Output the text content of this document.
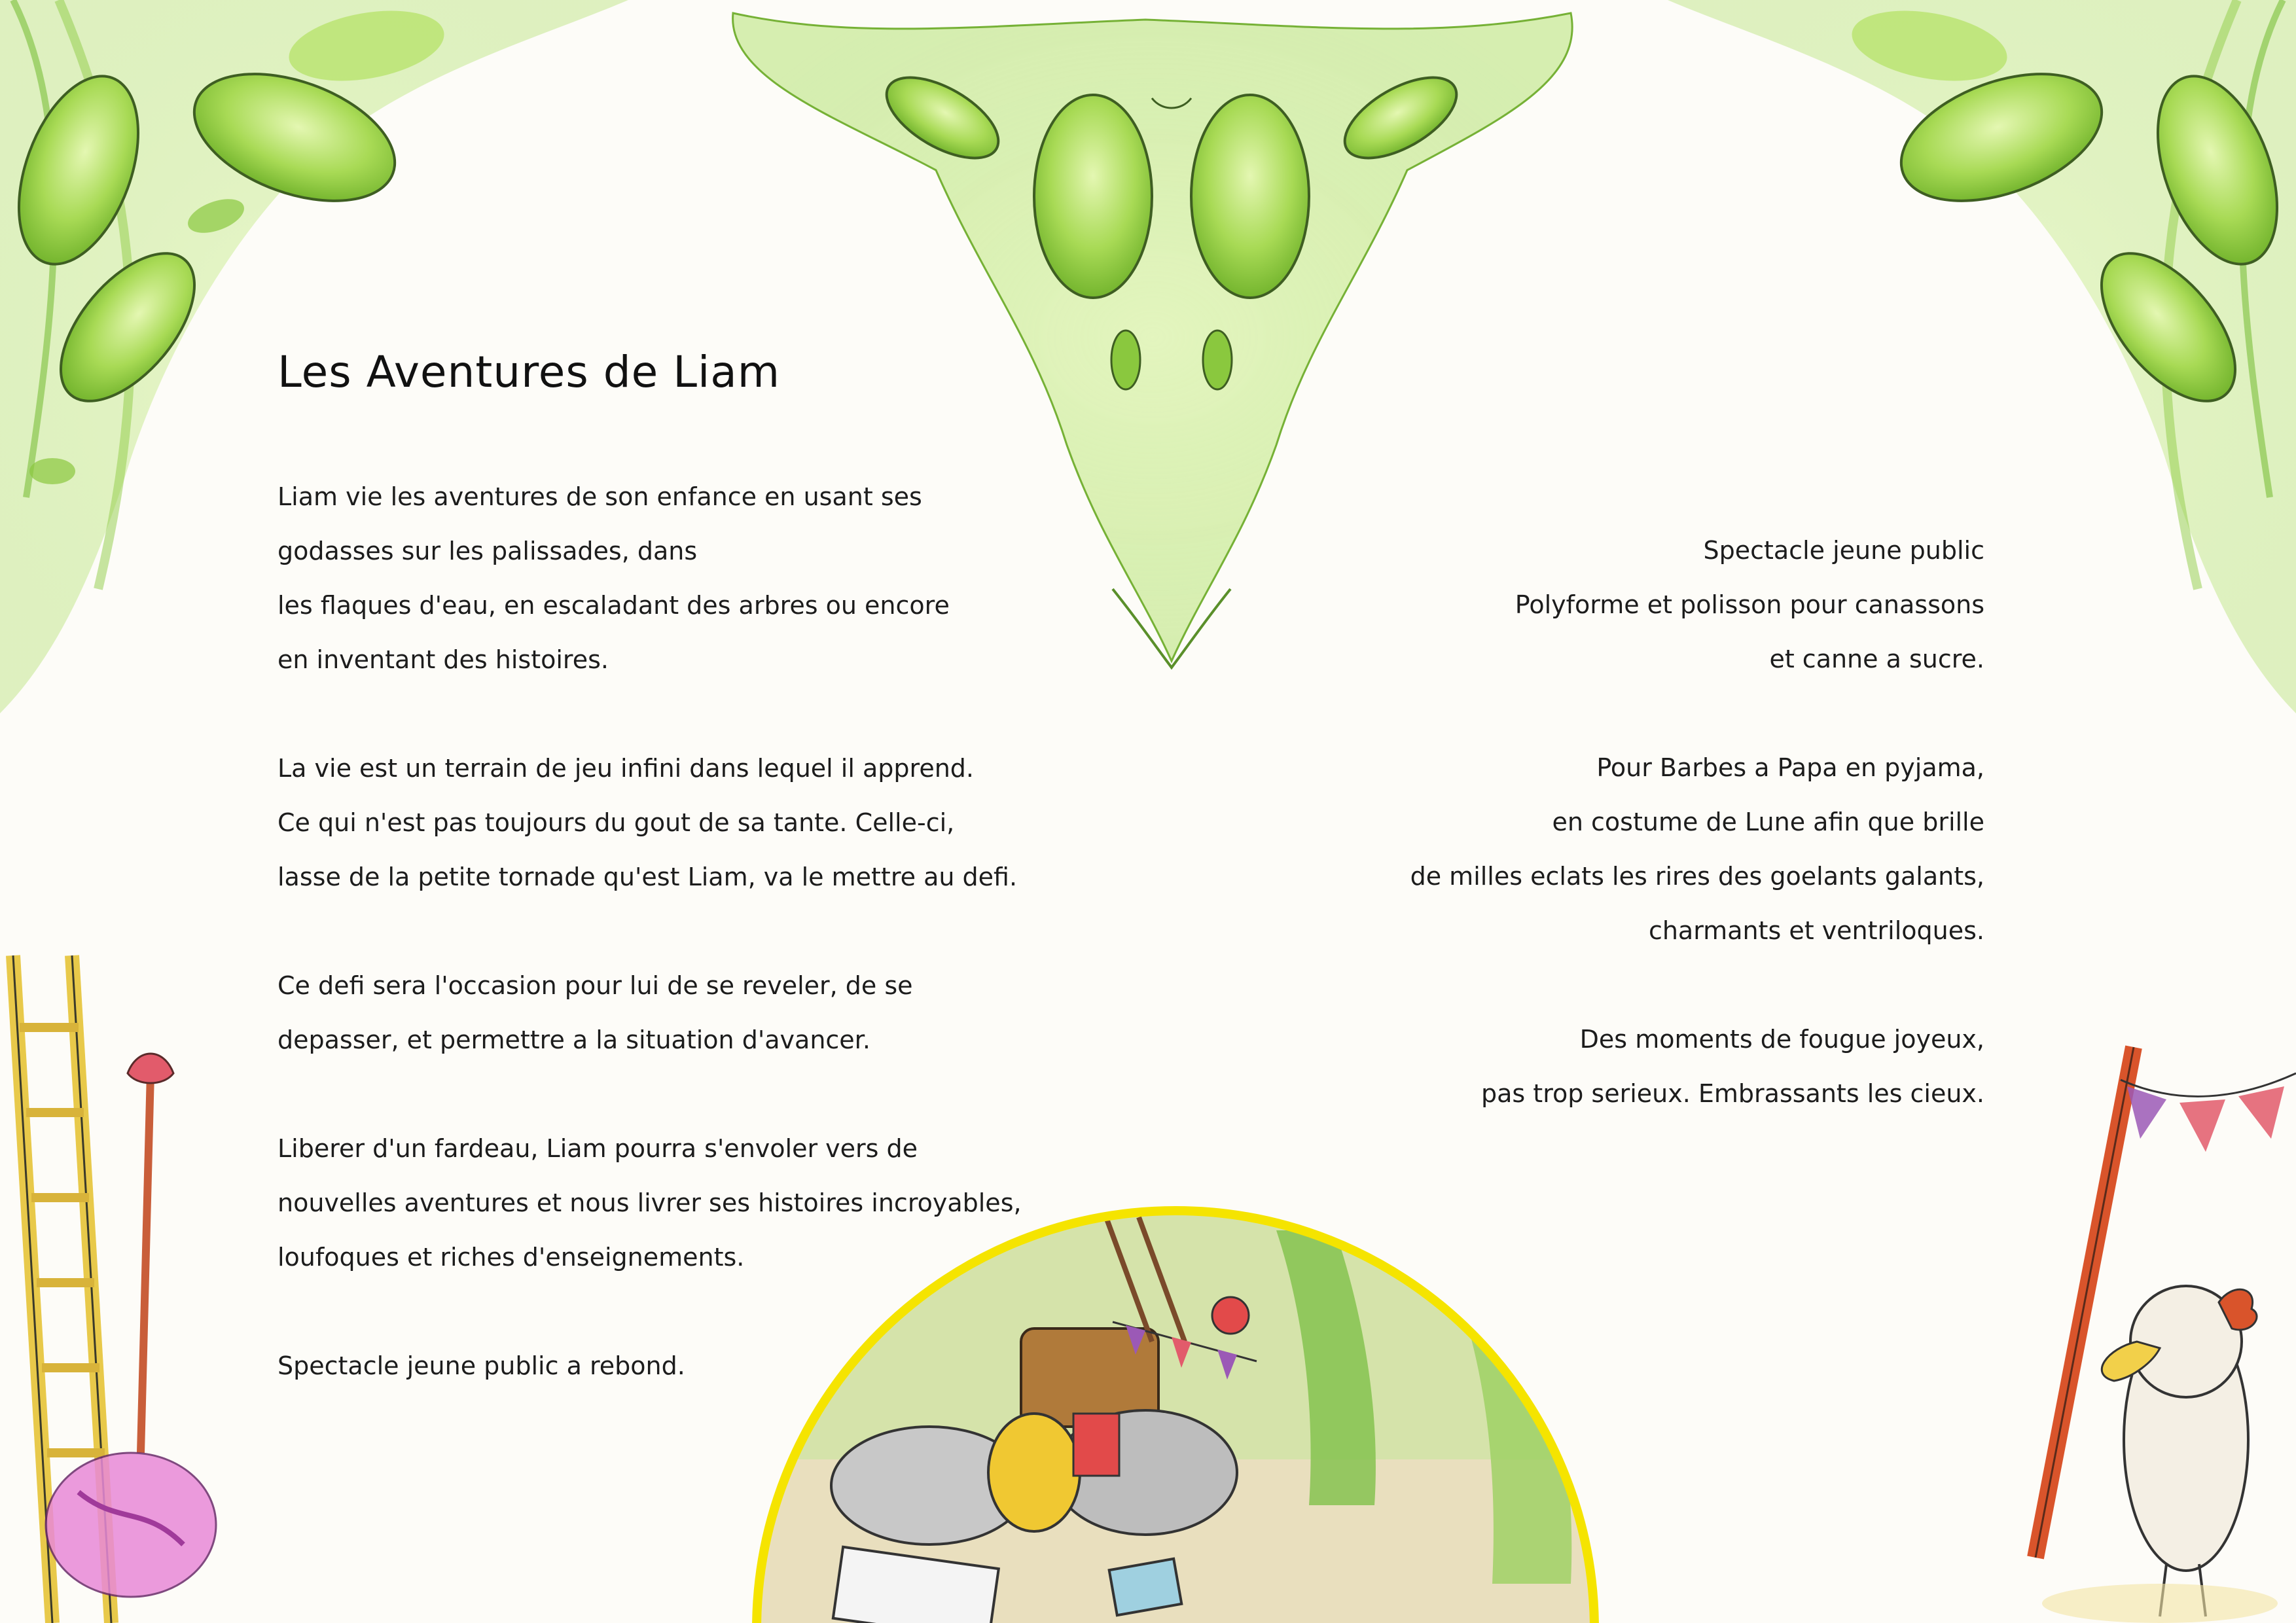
Les Aventures de Liam

Liam vie les aventures de son enfance en usant ses
godasses sur les palissades, dans
les flaques d'eau, en escaladant des arbres ou encore
en inventant des histoires.

La vie est un terrain de jeu infini dans lequel il apprend.
Ce qui n'est pas toujours du gout de sa tante. Celle-ci,
lasse de la petite tornade qu'est Liam, va le mettre au defi.

Ce defi sera l'occasion pour lui de se reveler, de se
depasser, et permettre a la situation d'avancer.

Liberer d'un fardeau, Liam pourra s'envoler vers de
nouvelles aventures et nous livrer ses histoires incroyables,
loufoques et riches d'enseignements.

Spectacle jeune public a rebond.

Spectacle jeune public
Polyforme et polisson pour canassons
et canne a sucre.

Pour Barbes a Papa en pyjama,
en costume de Lune afin que brille
de milles eclats les rires des goelants galants,
charmants et ventriloques.

Des moments de fougue joyeux,
pas trop serieux. Embrassants les cieux.
